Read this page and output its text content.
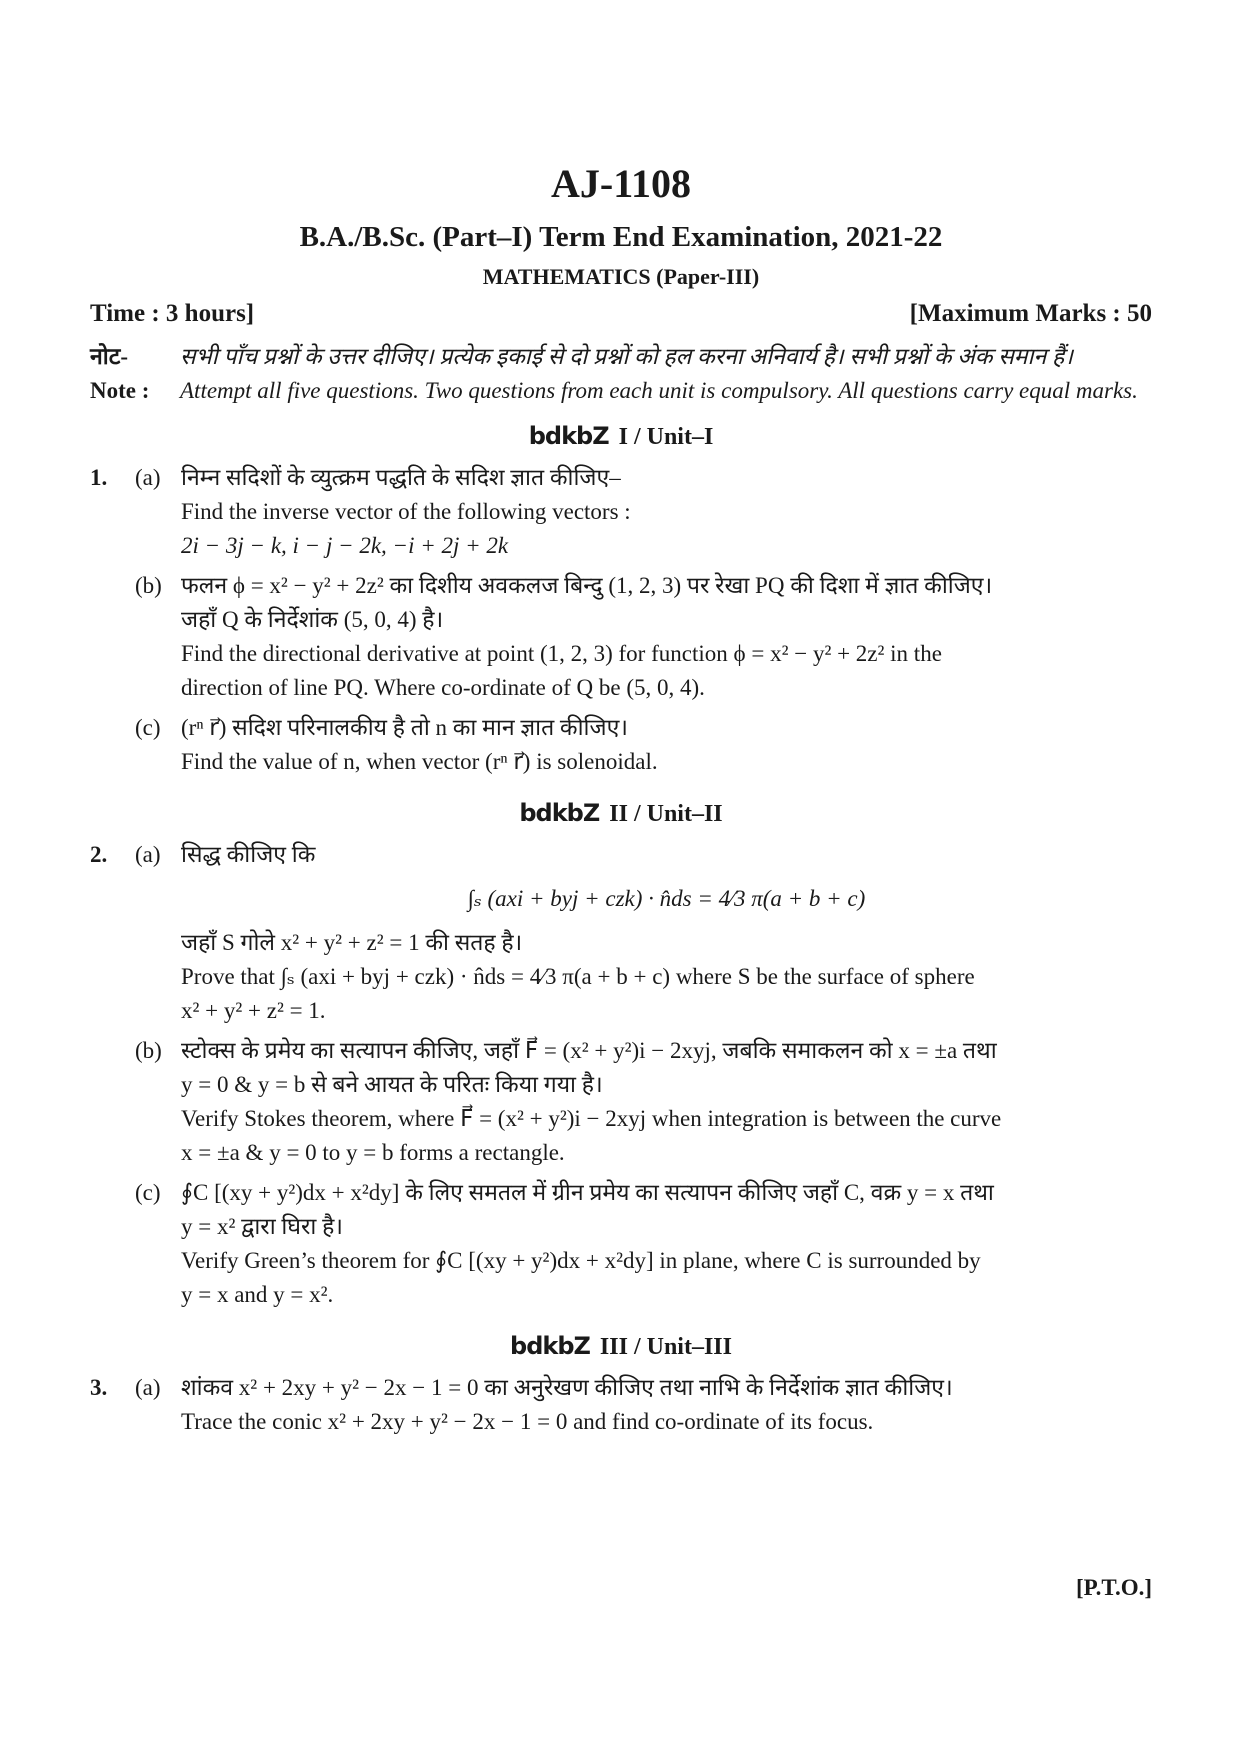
AJ-1108
B.A./B.Sc. (Part–I) Term End Examination, 2021-22
MATHEMATICS (Paper-III)
Time : 3 hours]	[Maximum Marks : 50
नोट-	सभी पाँच प्रश्नों के उत्तर दीजिए। प्रत्येक इकाई से दो प्रश्नों को हल करना अनिवार्य है। सभी प्रश्नों के अंक समान हैं।
Note :	Attempt all five questions. Two questions from each unit is compulsory. All questions carry equal marks.
bdkbZ I / Unit–I
1.	(a) निम्न सदिशों के व्युत्क्रम पद्धति के सदिश ज्ञात कीजिए–
Find the inverse vector of the following vectors :
2i − 3j − k, i − j − 2k, −i + 2j + 2k
(b) फलन ϕ = x² − y² + 2z² का दिशीय अवकलज बिन्दु (1, 2, 3) पर रेखा PQ की दिशा में ज्ञात कीजिए।
जहाँ Q के निर्देशांक (5, 0, 4) है।
Find the directional derivative at point (1, 2, 3) for function ϕ = x² − y² + 2z² in the
direction of line PQ. Where co-ordinate of Q be (5, 0, 4).
(c) (rⁿ r⃗) सदिश परिनालकीय है तो n का मान ज्ञात कीजिए।
Find the value of n, when vector (rⁿ r⃗) is solenoidal.
bdkbZ II / Unit–II
2.	(a) सिद्ध कीजिए कि
∫ₛ (axi + byj + czk) · n̂ds = 4⁄3 π(a + b + c)
जहाँ S गोले x² + y² + z² = 1 की सतह है।
Prove that ∫ₛ (axi + byj + czk) · n̂ds = 4⁄3 π(a + b + c) where S be the surface of sphere
x² + y² + z² = 1.
(b) स्टोक्स के प्रमेय का सत्यापन कीजिए, जहाँ F⃗ = (x² + y²)i − 2xyj, जबकि समाकलन को x = ±a तथा
y = 0 & y = b से बने आयत के परितः किया गया है।
Verify Stokes theorem, where F⃗ = (x² + y²)i − 2xyj when integration is between the curve
x = ±a & y = 0 to y = b forms a rectangle.
(c) ∮C [(xy + y²)dx + x²dy] के लिए समतल में ग्रीन प्रमेय का सत्यापन कीजिए जहाँ C, वक्र y = x तथा
y = x² द्वारा घिरा है।
Verify Green’s theorem for ∮C [(xy + y²)dx + x²dy] in plane, where C is surrounded by
y = x and y = x².
bdkbZ III / Unit–III
3.	(a) शांकव x² + 2xy + y² − 2x − 1 = 0 का अनुरेखण कीजिए तथा नाभि के निर्देशांक ज्ञात कीजिए।
Trace the conic x² + 2xy + y² − 2x − 1 = 0 and find co-ordinate of its focus.
[P.T.O.]
